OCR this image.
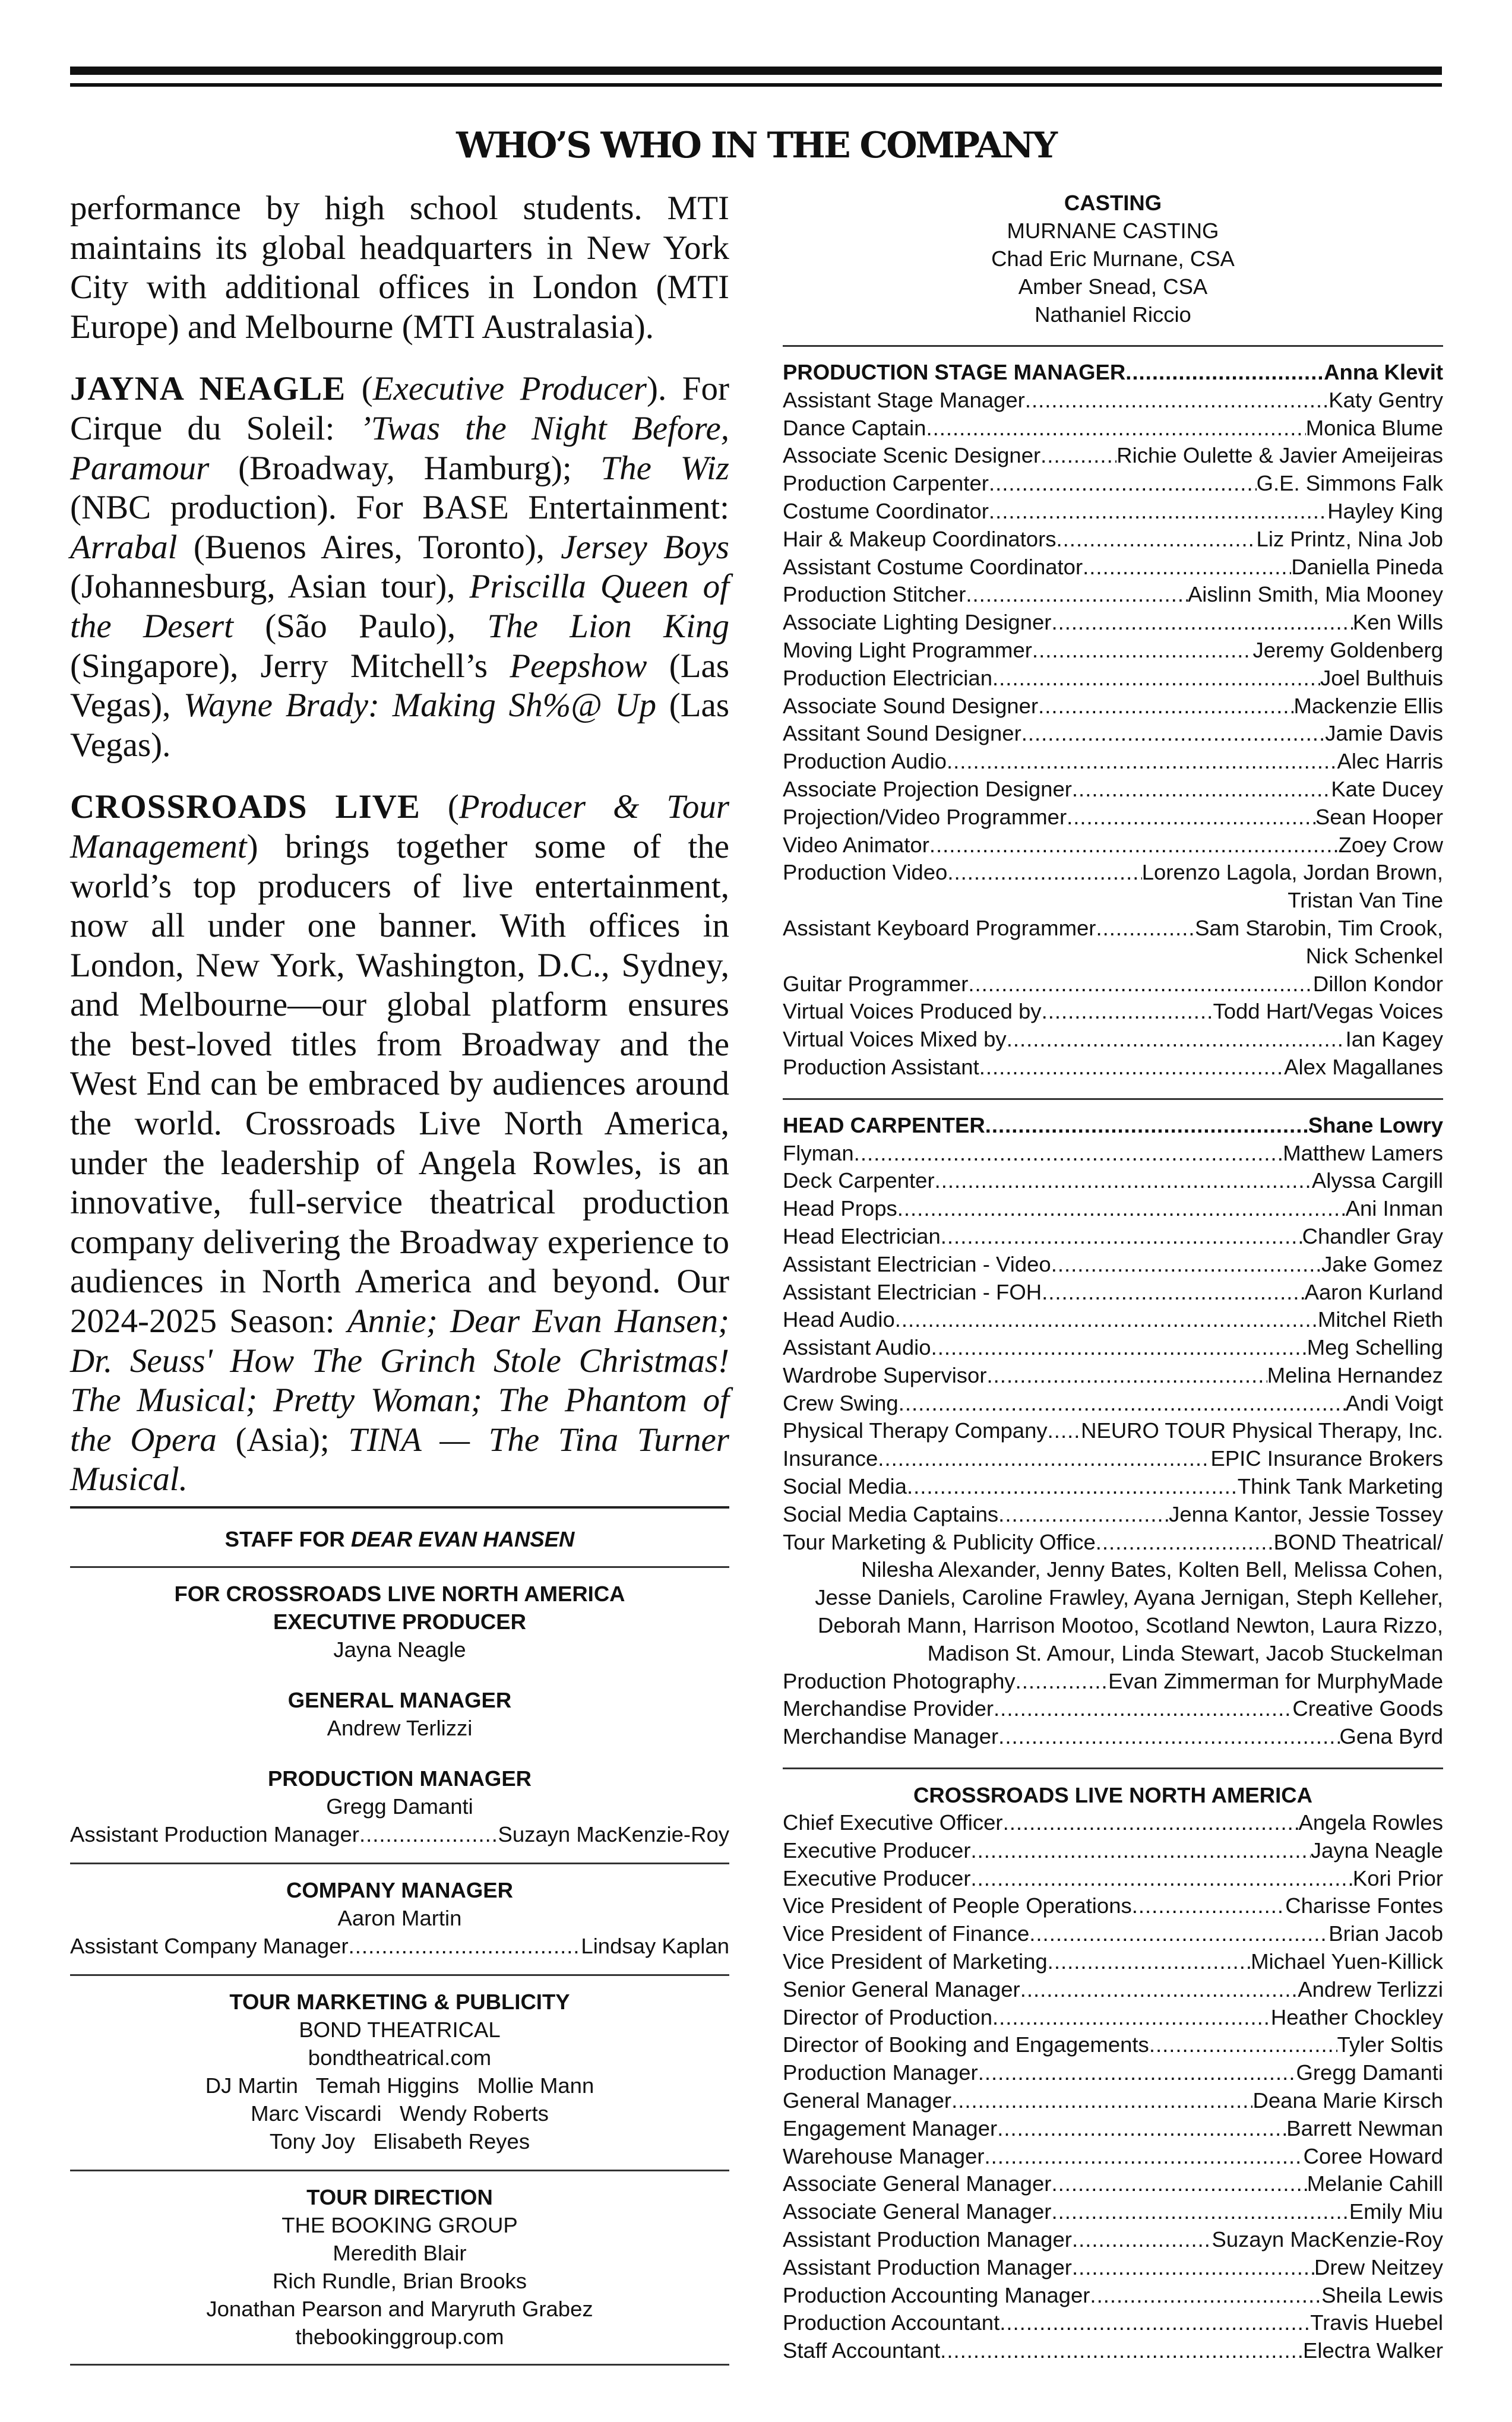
WHO’S WHO IN THE COMPANY

performance by high school students. MTI maintains its global headquarters in New York City with additional offices in London (MTI Europe) and Melbourne (MTI Australasia).

JAYNA NEAGLE (Executive Producer). For Cirque du Soleil: ’Twas the Night Before, Paramour (Broadway, Hamburg); The Wiz (NBC production). For BASE Entertainment: Arrabal (Buenos Aires, Toronto), Jersey Boys (Johannesburg, Asian tour), Priscilla Queen of the Desert (São Paulo), The Lion King (Singapore), Jerry Mitchell’s Peepshow (Las Vegas), Wayne Brady: Making Sh%@ Up (Las Vegas).

CROSSROADS LIVE (Producer & Tour Management) brings together some of the world’s top producers of live entertainment, now all under one banner. With offices in London, New York, Washington, D.C., Sydney, and Melbourne—our global platform ensures the best-loved titles from Broadway and the West End can be embraced by audiences around the world. Crossroads Live North America, under the leadership of Angela Rowles, is an innovative, full-service theatrical production company delivering the Broadway experience to audiences in North America and beyond. Our 2024-2025 Season: Annie; Dear Evan Hansen; Dr. Seuss' How The Grinch Stole Christmas! The Musical; Pretty Woman; The Phantom of the Opera (Asia); TINA — The Tina Turner Musical.

STAFF FOR DEAR EVAN HANSEN
FOR CROSSROADS LIVE NORTH AMERICA
EXECUTIVE PRODUCER
Jayna Neagle
GENERAL MANAGER
Andrew Terlizzi
PRODUCTION MANAGER
Gregg Damanti
Assistant Production Manager .....	Suzayn MacKenzie-Roy
COMPANY MANAGER
Aaron Martin
Assistant Company Manager .....	Lindsay Kaplan
TOUR MARKETING & PUBLICITY
BOND THEATRICAL
bondtheatrical.com
DJ Martin   Temah Higgins   Mollie Mann
Marc Viscardi   Wendy Roberts
Tony Joy   Elisabeth Reyes
TOUR DIRECTION
THE BOOKING GROUP
Meredith Blair
Rich Rundle, Brian Brooks
Jonathan Pearson and Maryruth Grabez
thebookinggroup.com
CASTING
MURNANE CASTING
Chad Eric Murnane, CSA
Amber Snead, CSA
Nathaniel Riccio
PRODUCTION STAGE MANAGER .....	Anna Klevit
Assistant Stage Manager .....	Katy Gentry
Dance Captain .....	Monica Blume
Associate Scenic Designer .....	Richie Oulette & Javier Ameijeiras
Production Carpenter .....	G.E. Simmons Falk
Costume Coordinator .....	Hayley King
Hair & Makeup Coordinators .....	Liz Printz, Nina Job
Assistant Costume Coordinator .....	Daniella Pineda
Production Stitcher .....	Aislinn Smith, Mia Mooney
Associate Lighting Designer .....	Ken Wills
Moving Light Programmer .....	Jeremy Goldenberg
Production Electrician .....	Joel Bulthuis
Associate Sound Designer .....	Mackenzie Ellis
Assitant Sound Designer .....	Jamie Davis
Production Audio .....	Alec Harris
Associate Projection Designer .....	Kate Ducey
Projection/Video Programmer .....	Sean Hooper
Video Animator .....	Zoey Crow
Production Video .....	Lorenzo Lagola, Jordan Brown,
Tristan Van Tine
Assistant Keyboard Programmer .....	Sam Starobin, Tim Crook,
Nick Schenkel
Guitar Programmer .....	Dillon Kondor
Virtual Voices Produced by .....	Todd Hart/Vegas Voices
Virtual Voices Mixed by .....	Ian Kagey
Production Assistant .....	Alex Magallanes
HEAD CARPENTER .....	Shane Lowry
Flyman .....	Matthew Lamers
Deck Carpenter .....	Alyssa Cargill
Head Props .....	Ani Inman
Head Electrician .....	Chandler Gray
Assistant Electrician - Video .....	Jake Gomez
Assistant Electrician - FOH .....	Aaron Kurland
Head Audio .....	Mitchel Rieth
Assistant Audio .....	Meg Schelling
Wardrobe Supervisor .....	Melina Hernandez
Crew Swing .....	Andi Voigt
Physical Therapy Company ..... NEURO TOUR Physical Therapy, Inc.
Insurance .....	EPIC Insurance Brokers
Social Media .....	Think Tank Marketing
Social Media Captains .....	Jenna Kantor, Jessie Tossey
Tour Marketing & Publicity Office .....	BOND Theatrical/
Nilesha Alexander, Jenny Bates, Kolten Bell, Melissa Cohen,
Jesse Daniels, Caroline Frawley, Ayana Jernigan, Steph Kelleher,
Deborah Mann, Harrison Mootoo, Scotland Newton, Laura Rizzo,
Madison St. Amour, Linda Stewart, Jacob Stuckelman
Production Photography .....	Evan Zimmerman for MurphyMade
Merchandise Provider .....	Creative Goods
Merchandise Manager .....	Gena Byrd
CROSSROADS LIVE NORTH AMERICA
Chief Executive Officer .....	Angela Rowles
Executive Producer .....	Jayna Neagle
Executive Producer .....	Kori Prior
Vice President of People Operations .....	Charisse Fontes
Vice President of Finance .....	Brian Jacob
Vice President of Marketing .....	Michael Yuen-Killick
Senior General Manager .....	Andrew Terlizzi
Director of Production .....	Heather Chockley
Director of Booking and Engagements .....	Tyler Soltis
Production Manager .....	Gregg Damanti
General Manager .....	Deana Marie Kirsch
Engagement Manager .....	Barrett Newman
Warehouse Manager .....	Coree Howard
Associate General Manager .....	Melanie Cahill
Associate General Manager .....	Emily Miu
Assistant Production Manager .....	Suzayn MacKenzie-Roy
Assistant Production Manager .....	Drew Neitzey
Production Accounting Manager .....	Sheila Lewis
Production Accountant .....	Travis Huebel
Staff Accountant .....	Electra Walker
